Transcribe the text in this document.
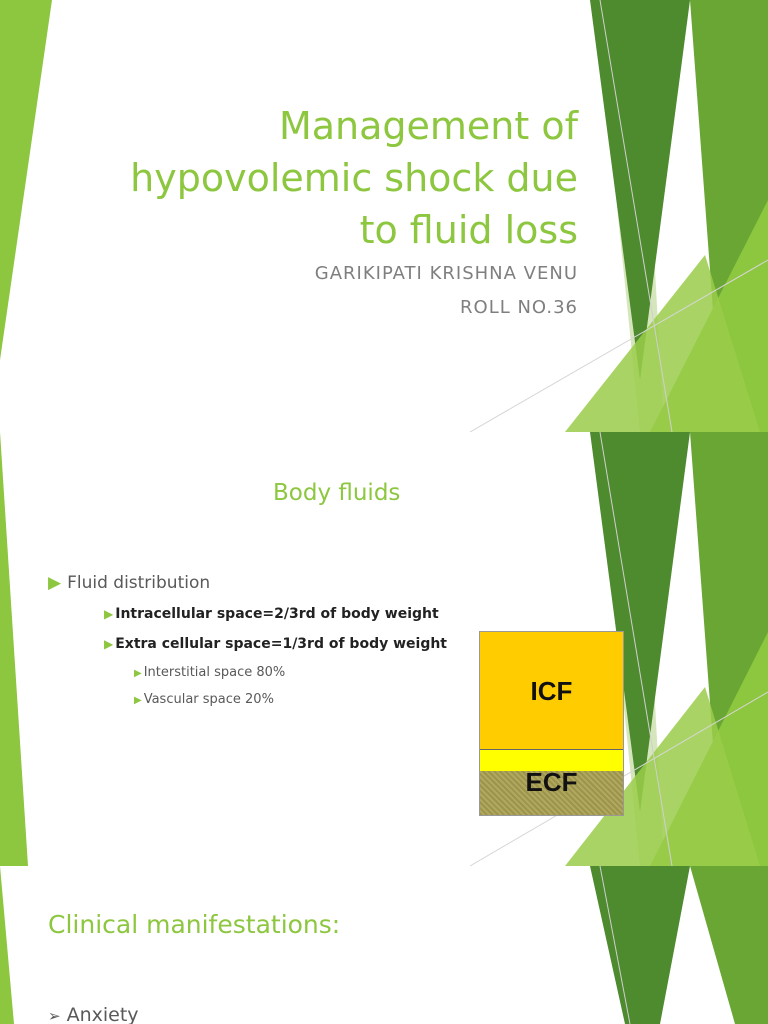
Management of
hypovolemic shock due
to fluid loss
GARIKIPATI KRISHNA VENU
ROLL NO.36
Body fluids
▶ Fluid distribution
▶ Intracellular space=2/3rd of body weight
▶ Extra cellular space=1/3rd of body weight
▶ Interstitial space 80%
▶ Vascular space 20%	ICF
ECF
Clinical manifestations:
➢ Anxiety
